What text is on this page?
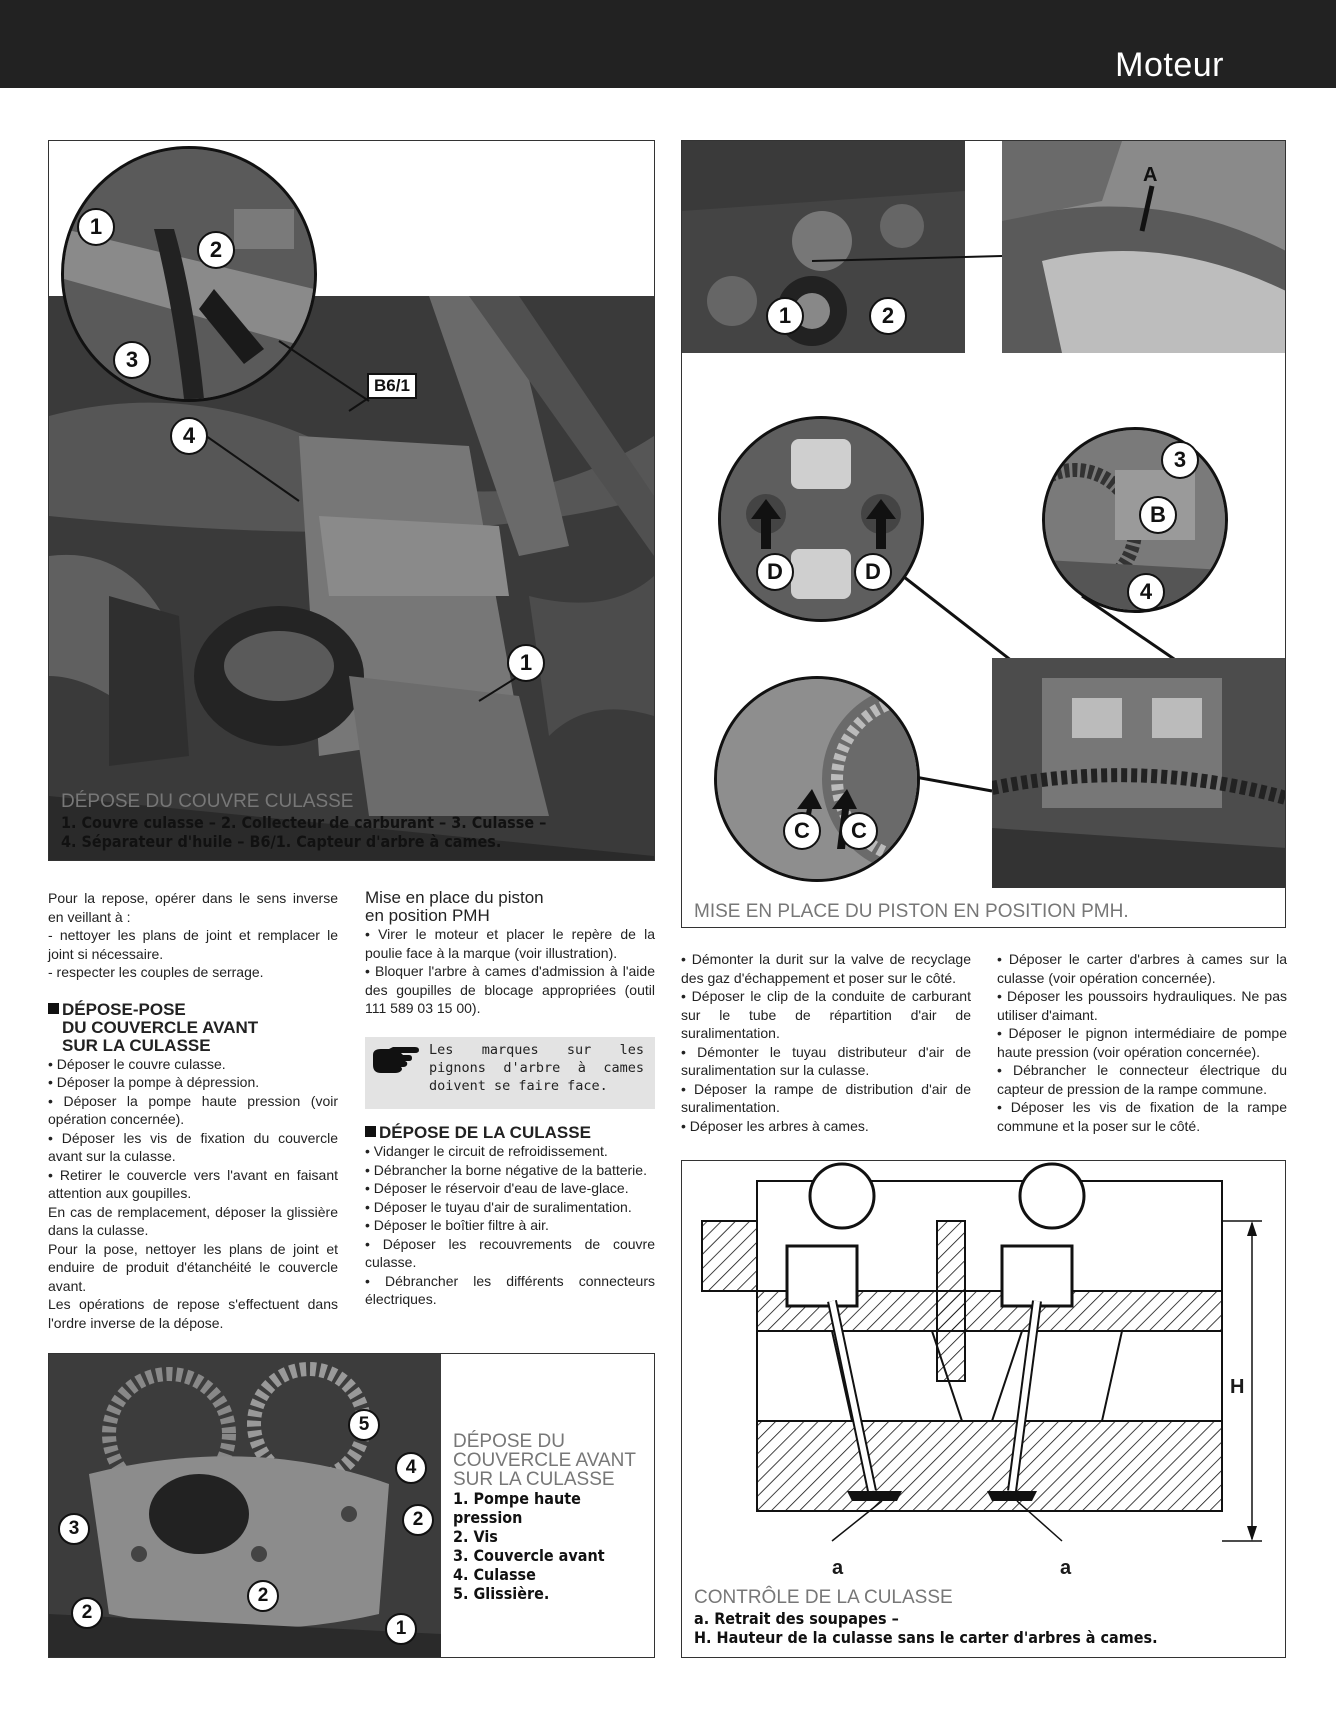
Moteur
1
2
3
4
1
B6/1
DÉPOSE DU COUVRE CULASSE
1. Couvre culasse – 2. Collecteur de carburant – 3. Culasse –
4. Séparateur d'huile – B6/1. Capteur d'arbre à cames.
1	2
A
D	D
3
B
4
C	C
MISE EN PLACE DU PISTON EN POSITION PMH.

Pour la repose, opérer dans le sens inverse en veillant à :

- nettoyer les plans de joint et remplacer le joint si nécessaire.

- respecter les couples de serrage.

DÉPOSE-POSE
DU COUVERCLE AVANT
SUR LA CULASSE

• Déposer le couvre culasse.

• Déposer la pompe à dépression.

• Déposer la pompe haute pression (voir opération concernée).

• Déposer les vis de fixation du couvercle avant sur la culasse.

• Retirer le couvercle vers l'avant en faisant attention aux goupilles.

En cas de remplacement, déposer la glissière dans la culasse.

Pour la pose, nettoyer les plans de joint et enduire de produit d'étanchéité le couvercle avant.

Les opérations de repose s'effectuent dans l'ordre inverse de la dépose.

Mise en place du piston
en position PMH

• Virer le moteur et placer le repère de la poulie face à la marque (voir illustration).

• Bloquer l'arbre à cames d'admission à l'aide des goupilles de blocage appropriées (outil 111 589 03 15 00).

Les marques sur les pignons d'arbre à cames doivent se faire face.
DÉPOSE DE LA CULASSE

• Vidanger le circuit de refroidissement.

• Débrancher la borne négative de la batterie.

• Déposer le réservoir d'eau de lave-glace.

• Déposer le tuyau d'air de suralimentation.

• Déposer le boîtier filtre à air.

• Déposer les recouvrements de couvre culasse.

• Débrancher les différents connecteurs électriques.

• Démonter la durit sur la valve de recyclage des gaz d'échappement et poser sur le côté.

• Déposer le clip de la conduite de carburant sur le tube de répartition d'air de suralimentation.

• Démonter le tuyau distributeur d'air de suralimentation sur la culasse.

• Déposer la rampe de distribution d'air de suralimentation.

• Déposer les arbres à cames.

• Déposer le carter d'arbres à cames sur la culasse (voir opération concernée).

• Déposer les poussoirs hydrauliques. Ne pas utiliser d'aimant.

• Déposer le pignon intermédiaire de pompe haute pression (voir opération concernée).

• Débrancher le connecteur électrique du capteur de pression de la rampe commune.

• Déposer les vis de fixation de la rampe commune et la poser sur le côté.

5
4
3	2
2
2
1
DÉPOSE DU COUVERCLE AVANT SUR LA CULASSE
1. Pompe haute pression
2. Vis
3. Couvercle avant
4. Culasse
5. Glissière.
H
a	a
CONTRÔLE DE LA CULASSE
a. Retrait des soupapes –
H. Hauteur de la culasse sans le carter d'arbres à cames.
